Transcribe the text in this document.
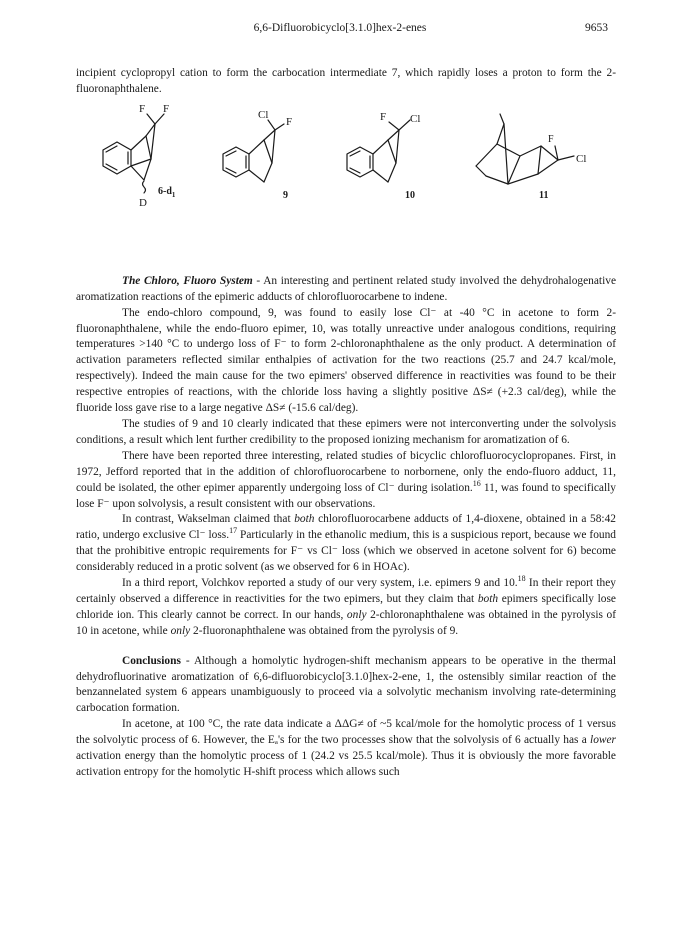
6,6-Difluorobicyclo[3.1.0]hex-2-enes	9653

incipient cyclopropyl cation to form the carbocation intermediate 7, which rapidly loses a proton to form the 2-fluoronaphthalene.

F F
D
$6-d_1$
Cl
F
9
F Cl
10
F
Cl
11

The Chloro, Fluoro System - An interesting and pertinent related study involved the dehydrohalogenative aromatization reactions of the epimeric adducts of chlorofluorocarbene to indene.

The endo-chloro compound, 9, was found to easily lose Cl⁻ at -40 °C in acetone to form 2-fluoronaphthalene, while the endo-fluoro epimer, 10, was totally unreactive under analogous conditions, requiring temperatures >140 °C to undergo loss of F⁻ to form 2-chloronaphthalene as the only product. A determination of activation parameters reflected similar enthalpies of activation for the two reactions (25.7 and 24.7 kcal/mole, respectively). Indeed the main cause for the two epimers' observed difference in reactivities was found to be their respective entropies of reactions, with the chloride loss having a slightly positive ΔS≠ (+2.3 cal/deg), while the fluoride loss gave rise to a large negative ΔS≠ (-15.6 cal/deg).

The studies of 9 and 10 clearly indicated that these epimers were not interconverting under the solvolysis conditions, a result which lent further credibility to the proposed ionizing mechanism for aromatization of 6.

There have been reported three interesting, related studies of bicyclic chlorofluorocyclopropanes. First, in 1972, Jefford reported that in the addition of chlorofluorocarbene to norbornene, only the endo-fluoro adduct, 11, could be isolated, the other epimer apparently undergoing loss of Cl⁻ during isolation.$^{16}$ 11, was found to specifically lose F⁻ upon solvolysis, a result consistent with our observations.

In contrast, Wakselman claimed that both chlorofluorocarbene adducts of 1,4-dioxene, obtained in a 58:42 ratio, undergo exclusive Cl⁻ loss.$^{17}$ Particularly in the ethanolic medium, this is a suspicious report, because we found that the prohibitive entropic requirements for F⁻ vs Cl⁻ loss (which we observed in acetone solvent for 6) become considerably reduced in a protic solvent (as we observed for 6 in HOAc).

In a third report, Volchkov reported a study of our very system, i.e. epimers 9 and 10.18 In their report they certainly observed a difference in reactivities for the two epimers, but they claim that both epimers specifically lose chloride ion. This clearly cannot be correct. In our hands, only 2-chloronaphthalene was obtained in the pyrolysis of 10 in acetone, while only 2-fluoronaphthalene was obtained from the pyrolysis of 9.

Conclusions - Although a homolytic hydrogen-shift mechanism appears to be operative in the thermal dehydrofluorinative aromatization of 6,6-difluorobicyclo[3.1.0]hex-2-ene, 1, the ostensibly similar reaction of the benzannelated system 6 appears unambiguously to proceed via a solvolytic mechanism involving rate-determining carbocation formation.

In acetone, at 100 °C, the rate data indicate a ΔΔG≠ of ~5 kcal/mole for the homolytic process of 1 versus the solvolytic process of 6. However, the Eₐ's for the two processes show that the solvolysis of 6 actually has a lower activation energy than the homolytic process of 1 (24.2 vs 25.5 kcal/mole). Thus it is obviously the more favorable activation entropy for the homolytic H-shift process which allows such
